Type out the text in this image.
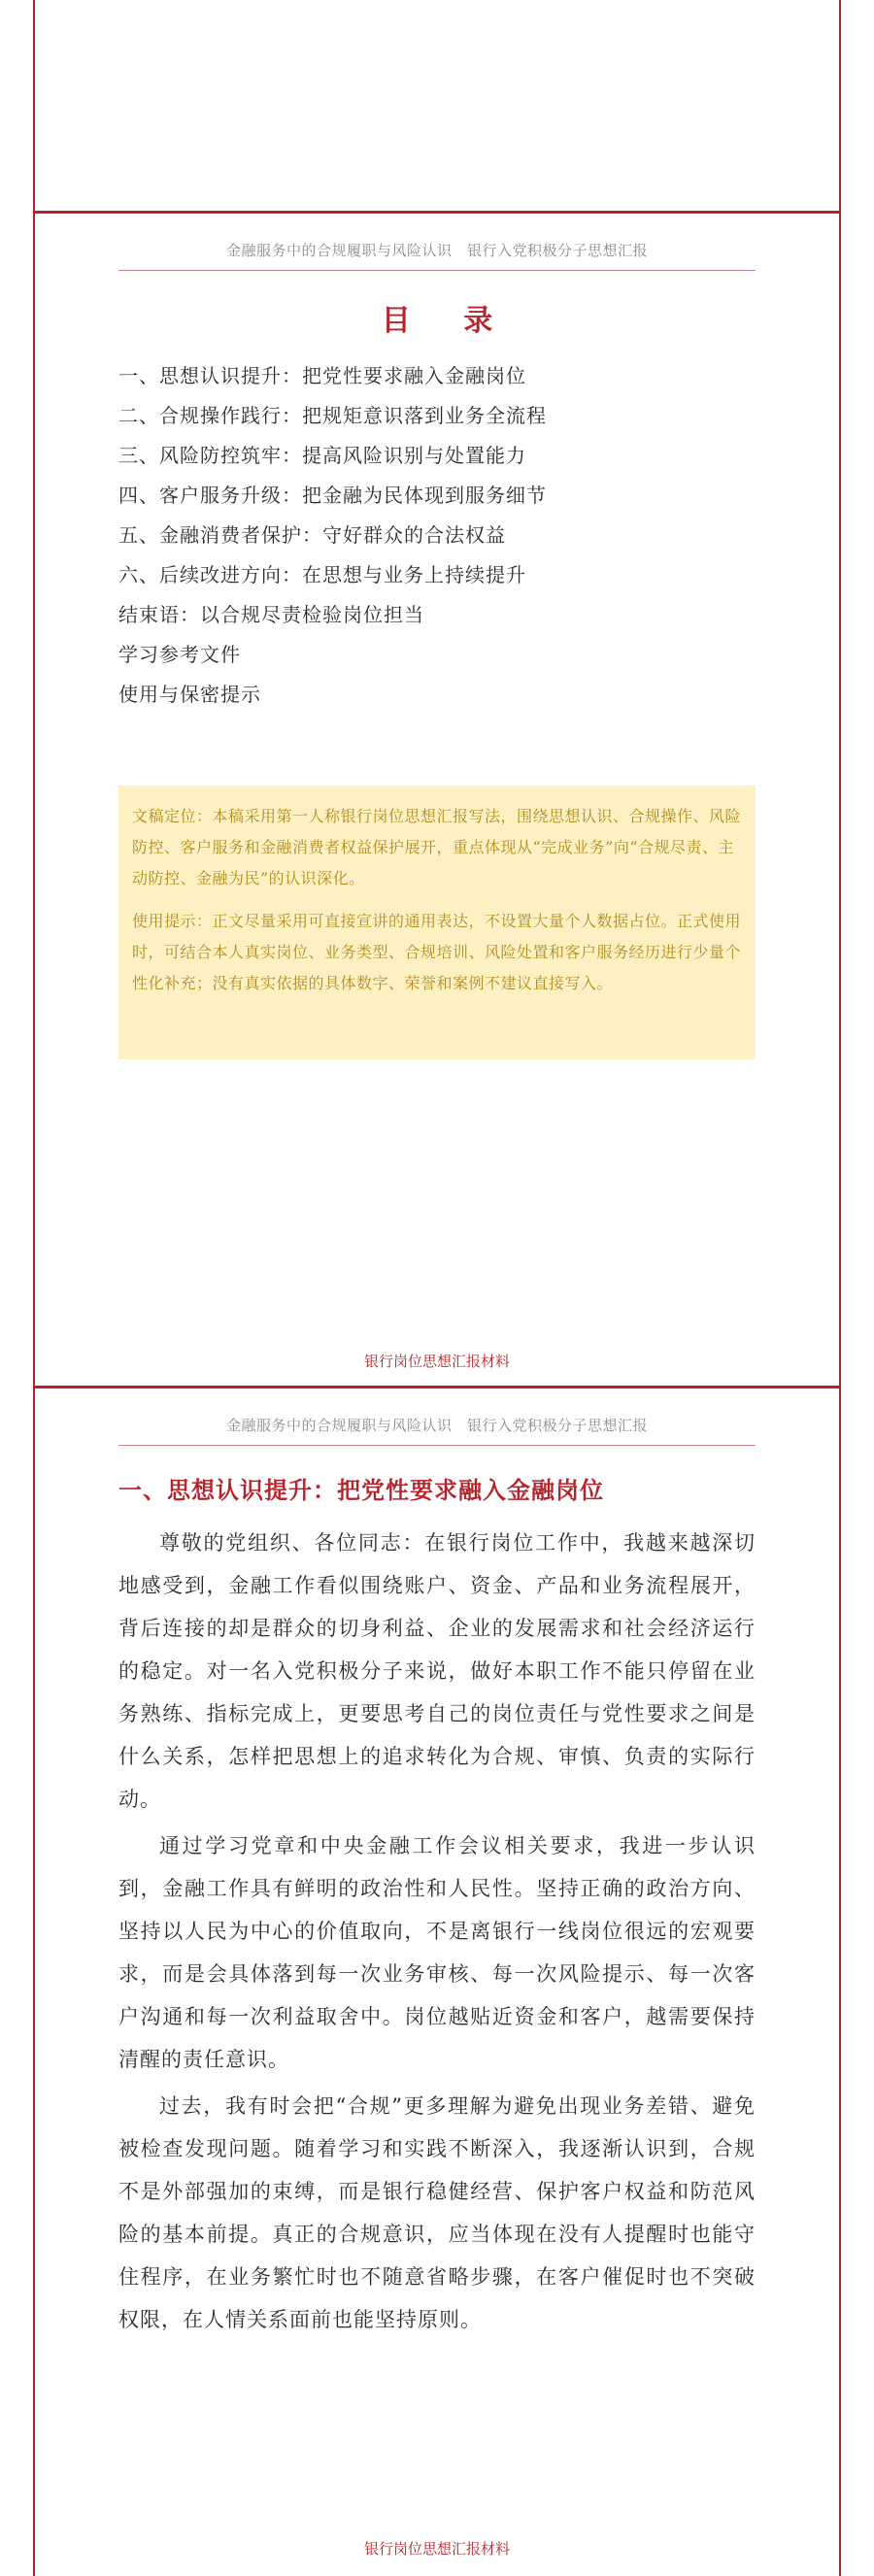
金融服务中的合规履职与风险认识　银行入党积极分子思想汇报
目 录
一、思想认识提升：把党性要求融入金融岗位
二、合规操作践行：把规矩意识落到业务全流程
三、风险防控筑牢：提高风险识别与处置能力
四、客户服务升级：把金融为民体现到服务细节
五、金融消费者保护：守好群众的合法权益
六、后续改进方向：在思想与业务上持续提升
结束语：以合规尽责检验岗位担当
学习参考文件
使用与保密提示

文稿定位：本稿采用第一人称银行岗位思想汇报写法，围绕思想认识、合规操作、风险防控、客户服务和金融消费者权益保护展开，重点体现从“完成业务”向“合规尽责、主动防控、金融为民”的认识深化。

使用提示：正文尽量采用可直接宣讲的通用表达，不设置大量个人数据占位。正式使用时，可结合本人真实岗位、业务类型、合规培训、风险处置和客户服务经历进行少量个性化补充；没有真实依据的具体数字、荣誉和案例不建议直接写入。

银行岗位思想汇报材料
金融服务中的合规履职与风险认识　银行入党积极分子思想汇报
一、思想认识提升：把党性要求融入金融岗位

尊敬的党组织、各位同志：在银行岗位工作中，我越来越深切地感受到，金融工作看似围绕账户、资金、产品和业务流程展开，背后连接的却是群众的切身利益、企业的发展需求和社会经济运行的稳定。对一名入党积极分子来说，做好本职工作不能只停留在业务熟练、指标完成上，更要思考自己的岗位责任与党性要求之间是什么关系，怎样把思想上的追求转化为合规、审慎、负责的实际行动。

通过学习党章和中央金融工作会议相关要求，我进一步认识到，金融工作具有鲜明的政治性和人民性。坚持正确的政治方向、坚持以人民为中心的价值取向，不是离银行一线岗位很远的宏观要求，而是会具体落到每一次业务审核、每一次风险提示、每一次客户沟通和每一次利益取舍中。岗位越贴近资金和客户，越需要保持清醒的责任意识。

过去，我有时会把“合规”更多理解为避免出现业务差错、避免被检查发现问题。随着学习和实践不断深入，我逐渐认识到，合规不是外部强加的束缚，而是银行稳健经营、保护客户权益和防范风险的基本前提。真正的合规意识，应当体现在没有人提醒时也能守住程序，在业务繁忙时也不随意省略步骤，在客户催促时也不突破权限，在人情关系面前也能坚持原则。

银行岗位思想汇报材料
